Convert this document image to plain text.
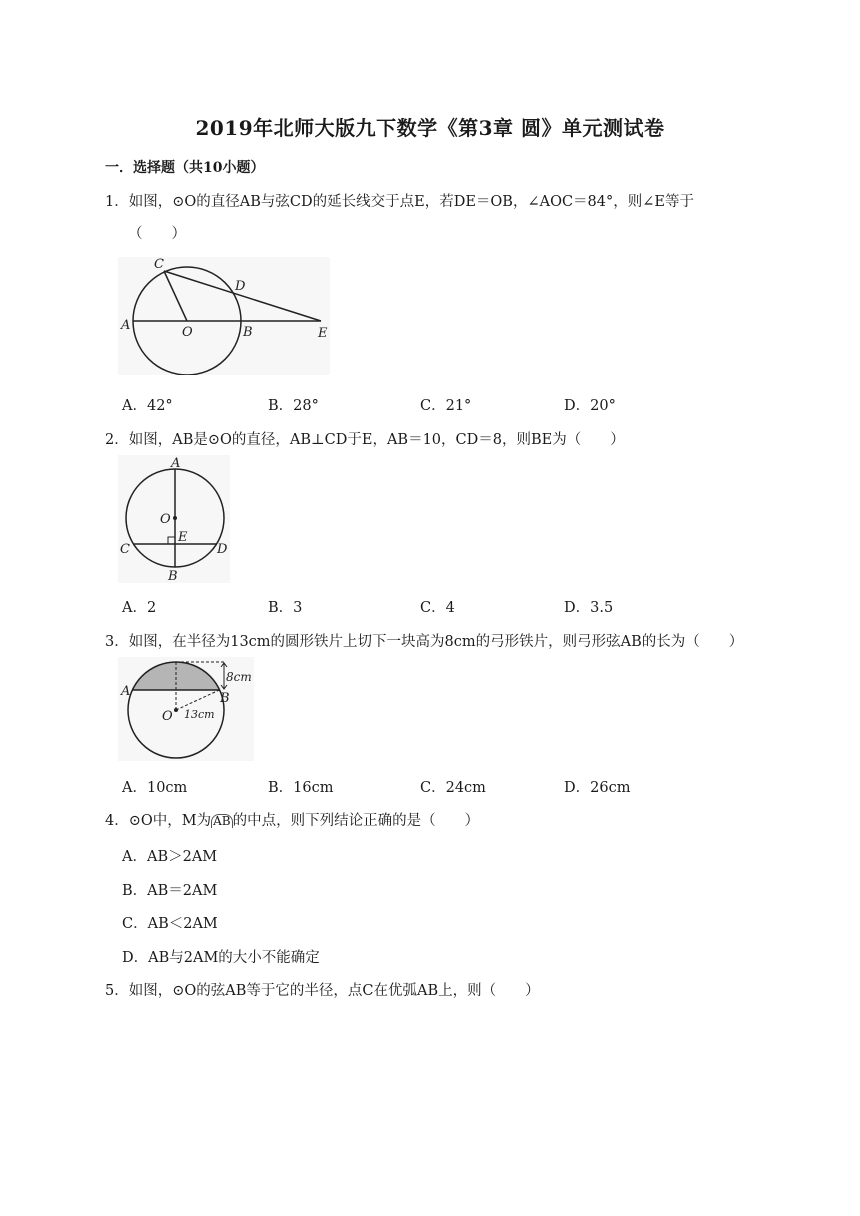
2019年北师大版九下数学《第3章 圆》单元测试卷
一．选择题（共10小题）
1．如图，⊙O的直径AB与弦CD的延长线交于点E，若DE＝OB，∠AOC＝84°，则∠E等于
（　　）
C
D
A	O	B	E
A．42°	B．28°	C．21°	D．20°
2．如图，AB是⊙O的直径，AB⊥CD于E，AB＝10，CD＝8，则BE为（　　）
A
O
E
C	D
B
A．2	B．3	C．4	D．3.5
3．如图，在半径为13cm的圆形铁片上切下一块高为8cm的弓形铁片，则弓形弦AB的长为（　　）
A	B
O
8cm
13cm
A．10cm	B．16cm	C．24cm	D．26cm
4．⊙O中，M为 AB 的中点，则下列结论正确的是（　　）
A．AB＞2AM
B．AB＝2AM
C．AB＜2AM
D．AB与2AM的大小不能确定
5．如图，⊙O的弦AB等于它的半径，点C在优弧AB上，则（　　）
